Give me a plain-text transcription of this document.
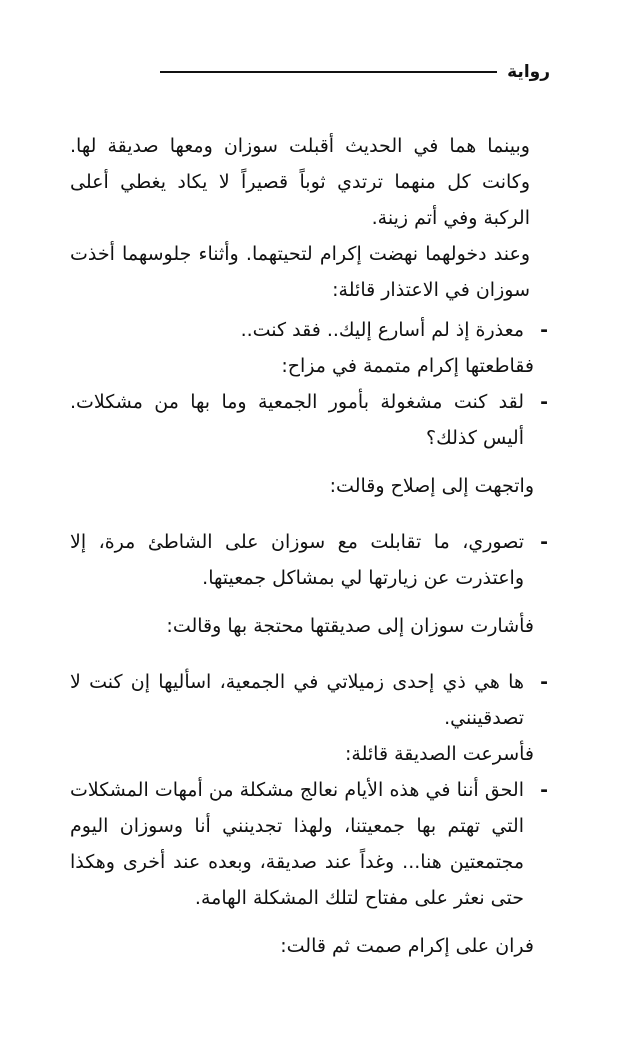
رواية

وبينما هما في الحديث أقبلت سوزان ومعها صديقة لها. وكانت كل منهما ترتدي ثوباً قصيراً لا يكاد يغطي أعلى الركبة وفي أتم زينة.

وعند دخولهما نهضت إكرام لتحيتهما. وأثناء جلوسهما أخذت سوزان في الاعتذار قائلة:

- معذرة إذ لم أسارع إليك.. فقد كنت..

فقاطعتها إكرام متممة في مزاح:

- لقد كنت مشغولة بأمور الجمعية وما بها من مشكلات. أليس كذلك؟

واتجهت إلى إصلاح وقالت:

- تصوري، ما تقابلت مع سوزان على الشاطئ مرة، إلا واعتذرت عن زيارتها لي بمشاكل جمعيتها.

فأشارت سوزان إلى صديقتها محتجة بها وقالت:

- ها هي ذي إحدى زميلاتي في الجمعية، اسأليها إن كنت لا تصدقينني.

فأسرعت الصديقة قائلة:

- الحق أننا في هذه الأيام نعالج مشكلة من أمهات المشكلات التي تهتم بها جمعيتنا، ولهذا تجدينني أنا وسوزان اليوم مجتمعتين هنا... وغداً عند صديقة، وبعده عند أخرى وهكذا حتى نعثر على مفتاح لتلك المشكلة الهامة.

فران على إكرام صمت ثم قالت:
